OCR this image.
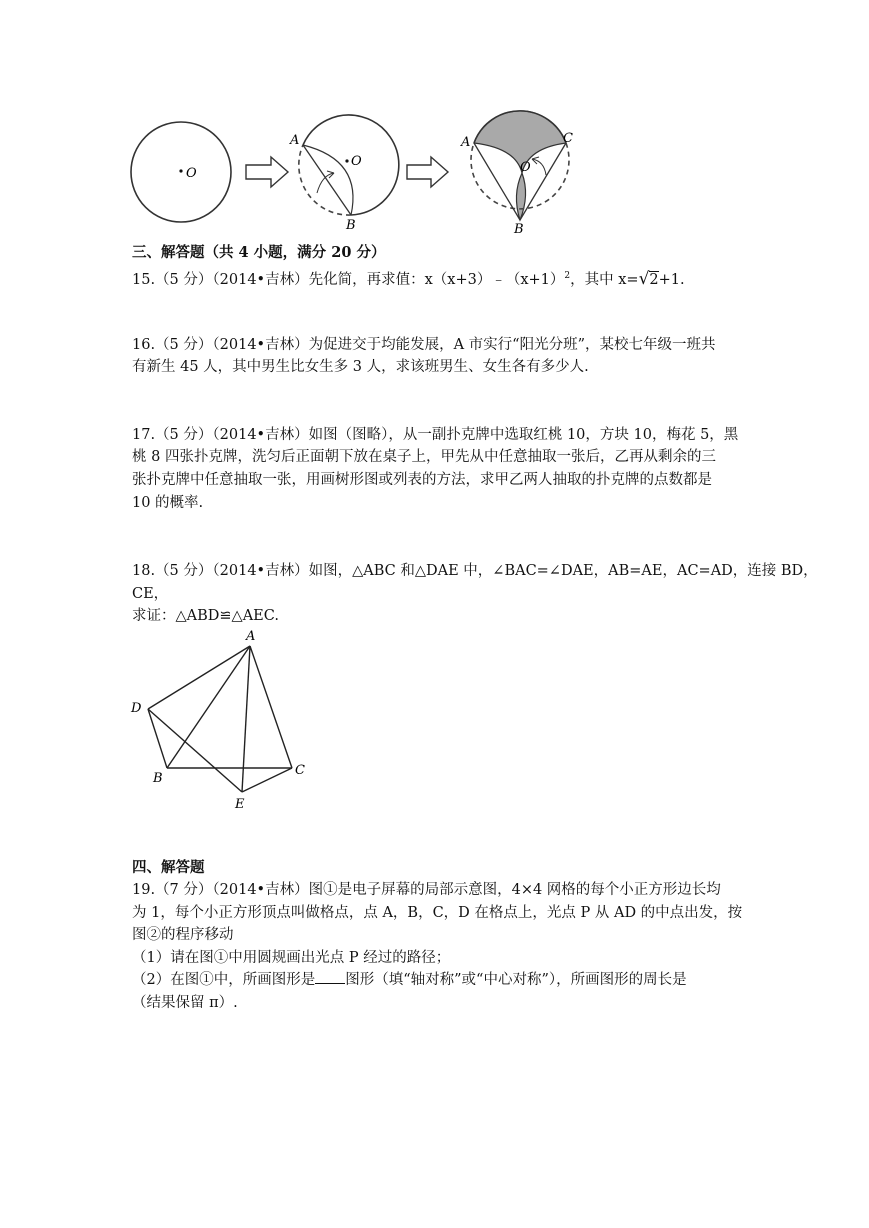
O
A
O
B
A	C
O
B
三、解答题（共 4 小题，满分 20 分）
15.（5 分）（2014•吉林）先化简，再求值：$x(x+3)﹣(x+1)^2$，其中 x=√2+1.
16.（5 分）（2014•吉林）为促进交于均能发展，A 市实行“阳光分班”，某校七年级一班共
有新生 45 人，其中男生比女生多 3 人，求该班男生、女生各有多少人.
17.（5 分）（2014•吉林）如图（图略），从一副扑克牌中选取红桃 10，方块 10，梅花 5，黑
桃 8 四张扑克牌，洗匀后正面朝下放在桌子上，甲先从中任意抽取一张后，乙再从剩余的三
张扑克牌中任意抽取一张，用画树形图或列表的方法，求甲乙两人抽取的扑克牌的点数都是
10 的概率.
18.（5 分）（2014•吉林）如图，△ABC 和△DAE 中，∠BAC=∠DAE，AB=AE，AC=AD，连接 BD，
CE，
求证：△ABD≌△AEC.
A
D
B
C
E
四、解答题
19.（7 分）（2014•吉林）图①是电子屏幕的局部示意图，4×4 网格的每个小正方形边长均
为 1，每个小正方形顶点叫做格点，点 A，B，C，D 在格点上，光点 P 从 AD 的中点出发，按
图②的程序移动
（1）请在图①中用圆规画出光点 P 经过的路径；
（2）在图①中，所画图形是 图形（填“轴对称”或“中心对称”），所画图形的周长是
（结果保留 π）.
